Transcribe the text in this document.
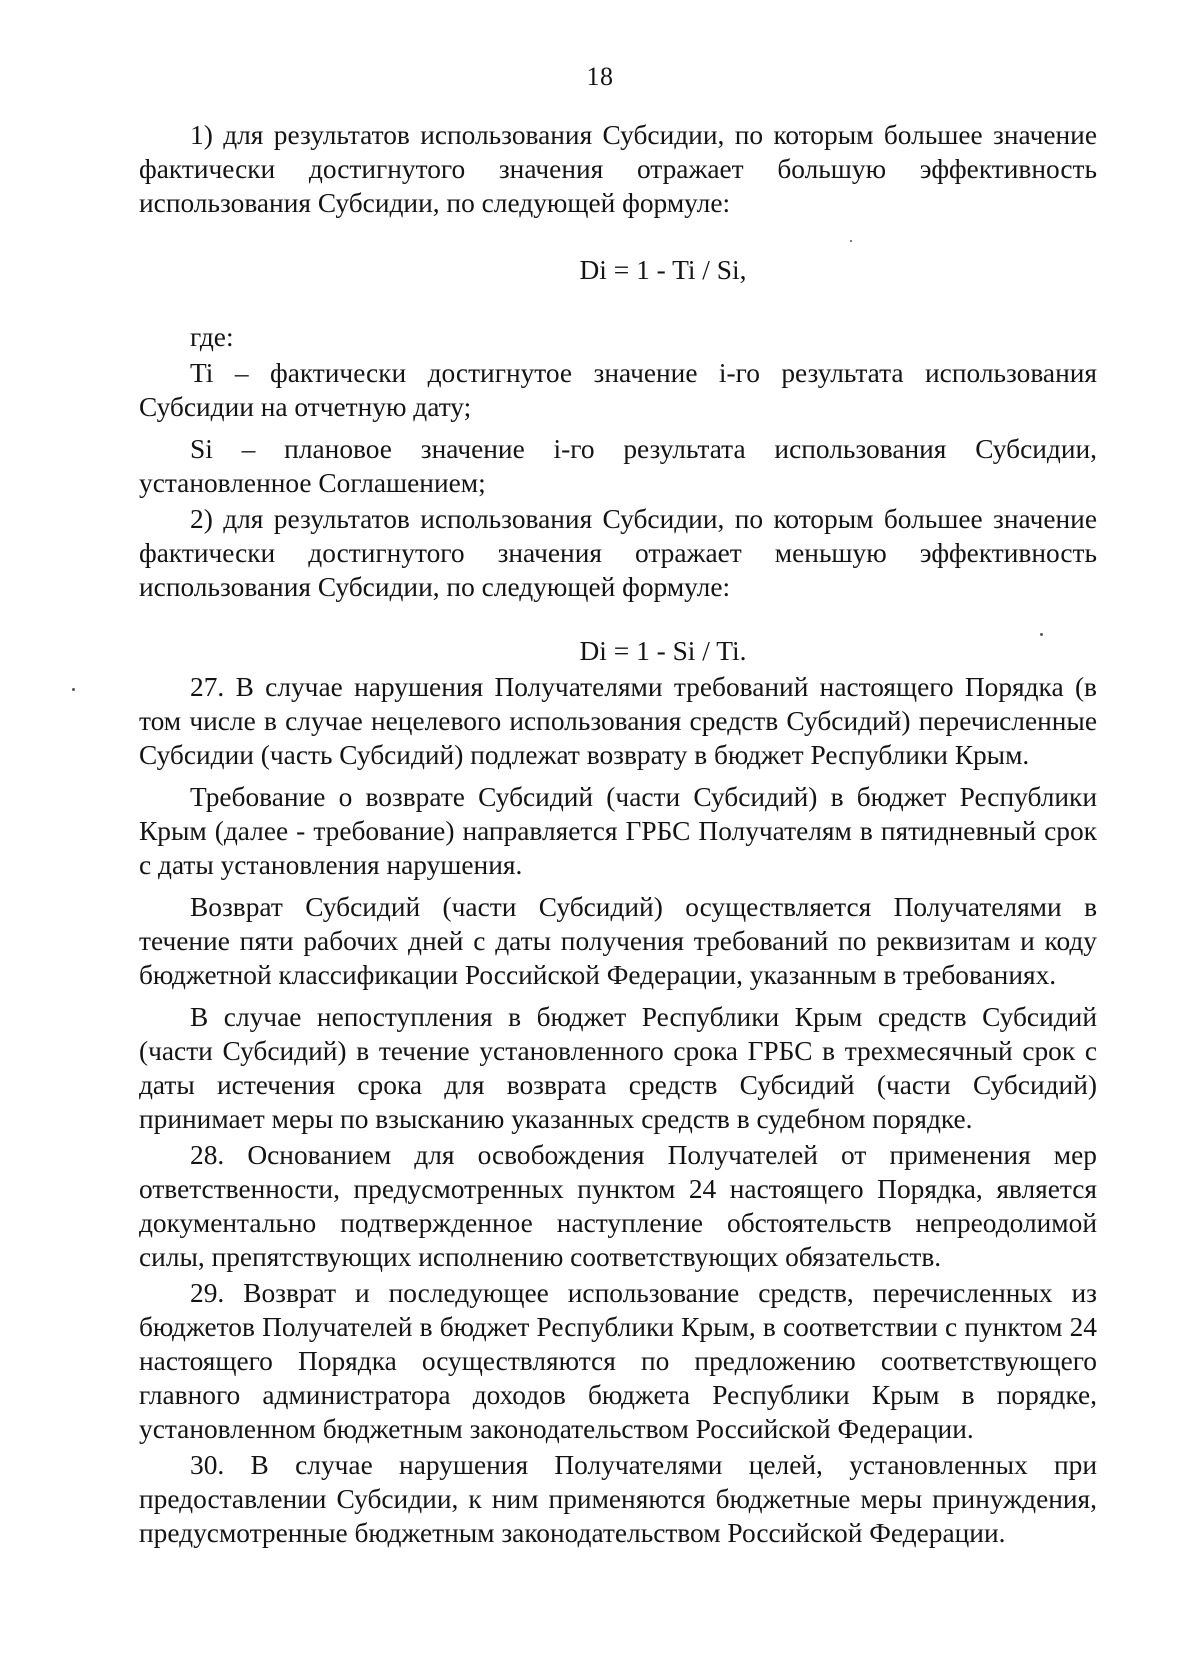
18

1) для результатов использования Субсидии, по которым большее значение фактически достигнутого значения отражает большую эффективность использования Субсидии, по следующей формуле:

Di = 1 - Ti / Si,

где:

Ti – фактически достигнутое значение i-го результата использования Субсидии на отчетную дату;

Si – плановое значение i-го результата использования Субсидии, установленное Соглашением;

2) для результатов использования Субсидии, по которым большее значение фактически достигнутого значения отражает меньшую эффективность использования Субсидии, по следующей формуле:

Di = 1 - Si / Ti.

27. В случае нарушения Получателями требований настоящего Порядка (в том числе в случае нецелевого использования средств Субсидий) перечисленные Субсидии (часть Субсидий) подлежат возврату в бюджет Республики Крым.

Требование о возврате Субсидий (части Субсидий) в бюджет Республики Крым (далее - требование) направляется ГРБС Получателям в пятидневный срок с даты установления нарушения.

Возврат Субсидий (части Субсидий) осуществляется Получателями в течение пяти рабочих дней с даты получения требований по реквизитам и коду бюджетной классификации Российской Федерации, указанным в требованиях.

В случае непоступления в бюджет Республики Крым средств Субсидий (части Субсидий) в течение установленного срока ГРБС в трехмесячный срок с даты истечения срока для возврата средств Субсидий (части Субсидий) принимает меры по взысканию указанных средств в судебном порядке.

28. Основанием для освобождения Получателей от применения мер ответственности, предусмотренных пунктом 24 настоящего Порядка, является документально подтвержденное наступление обстоятельств непреодолимой силы, препятствующих исполнению соответствующих обязательств.

29. Возврат и последующее использование средств, перечисленных из бюджетов Получателей в бюджет Республики Крым, в соответствии с пунктом 24 настоящего Порядка осуществляются по предложению соответствующего главного администратора доходов бюджета Республики Крым в порядке, установленном бюджетным законодательством Российской Федерации.

30. В случае нарушения Получателями целей, установленных при предоставлении Субсидии, к ним применяются бюджетные меры принуждения, предусмотренные бюджетным законодательством Российской Федерации.
